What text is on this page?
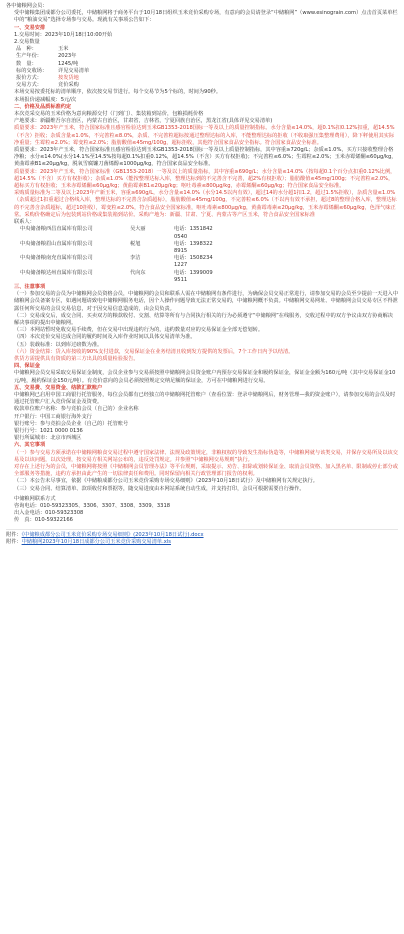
各中储粮网会员：

受中储粮集团成都分公司委托，中储粮网将于商务平台于10月18日组织玉米竞价采购专场，有意向的会员请登录“中储粮网”（www.esinograin.com）点击首页菜单栏中的“粮油交易”选择专场参与交易。现就有关事项公告如下：

一、交易安排

1.交易时间：2023年10月18日10:00开始

2.交易数量

品　种：	玉米
生产年份：	2023年
数　量：	1245/吨
标的交收场：	详见交易清单
报价方式：	按发货地
交易方式：	竞价采购

本场交易按委托标的清单顺序，依次按交易节进行。每个交易节为5个标的，时间为90秒。

本场报价递减幅度：5元/次

二、价格及品质标准约定

本次竞采交易的玉米价格为意向粮源交付（门到门）、集装箱到站价，包粮损耗价格

产地要求：新疆维吾尔自治区，内蒙古自治区，甘肃省，吉林省，宁夏回族自治区，黑龙江省(具体详见交易清单)

质量要求：2023年产玉米，符合国家标准且感官检验达到玉米GB1353-2018国标一等及以上的质量控制指标。水分含量≤14.0%，超0.1%扣0.12%扣重，超14.5%（不含）拒收；杂质含量≤1.0%，不完善粒≤8.0%，杂质、不完善粒超标按通过整理达标的入库，不能整理达标的拒收（不收取强压集整理费用），降下秤使用其实际净重量；生霉粒≤2.0%；霉变粒≤2.0%；脂肪酸值≤45mg/100g，超标拒收，其他符合国家食品安全指标。符合国家食品安全标准。

质量要求：2023年产玉米，符合国家标准且感官检验达到玉米GB1353-2018国标一等及以上质量控制指标，其中容重≥720g/L；杂质≤1.0%，买方只接收整理合格净粮；水分≤14.0%(水分14.1%至14.5%按每超0.1%扣重0.12%，超14.5%（不含）买方有权拒收)；不完善粒≤6.0%；生霉粒≤2.0%；玉米赤霉烯酮≤60μg/kg，黄曲霉素B1≤20μg/kg，脱氧雪腐镰刀菌烯醇≤1000μg/kg，符合国家食品安全标准。

质量要求：2023年产玉米，符合国家标准（GB1353-2018）一等及以上的质量指标，其中容重≥690g/L；水分含量≤14.0%（按每超0.1个百分点扣重0.12%比例，超14.5%（不含）买方有权拒收）；杂质≤1.0%（能按整理达标入库，整理达标到的不完善含不完善，超2%有权拒收）；脂肪酸值≤45mg/100g；不完善粒≤2.0%，超标买方有权拒收；玉米赤霉烯酮≤60μg/kg；黄曲霉素B1≤20μg/kg；呕吐毒素≤800μg/kg，赤霉烯酮≤60μg/kg；符合国家食品安全标准。

采购质量标准为二等及以上2023年产新玉米，容重≥690g/L，水分含量≤14.0%（水分14.5以内有效），超过14的水分超1扣1.2，超过1.5%拒收），杂质含量≤1.0%（杂质超过1扣重超过合格线入库，整理达标的不完善含杂质超标），脂肪酸值≤45mg/100g，不完善粒≤6.0%（不以内有效不承担，超过8的整理合格入库，整理达标的不完善含杂质超标，超过10拒收），霉变粒≤2.0%，符合食品安全国家标准，呕吐毒素≤800μg/kg，黄曲霉毒素≤20μg/kg，玉米赤霉烯酮≤60μg/kg，色泽气味正常。采购价格确定后为包装到站价格或集装箱到站价。采购产地为：新疆、甘肃、宁夏、内蒙古等产区玉米，符合食品安全国家标准

联系人：

中央储备粮西昌直属库有限公司	吴大丽	电话：13518420540
中央储备粮眉山直属库有限公司	税旭	电话：13983228915
中央储备粮南充直属库有限公司	李洁	电话：15082341227
中央储备粮达州直属库有限公司	代向东	电话：13990099511

三、注意事项

（一）参加交易的会员为中储粮网会员资格会员，中储粮网的会员和联系人需在中储粮网有条件进行，为确保会员交易正常进行，请参加交易的会员至少提前一天进入中储粮网会员备案专区，如遇问题请致电中储粮网服务电话，因个人操作问题导致无法正常交易的，中储粮网概不负责。中储粮网交易网址、中储粮网会员交易专区不得泄露任何所交易的会员交易信息，对于因交易信息造成的，由会员负责。

（二）交易成交后，成交合同、买卖双方的粮款收付、交割、结算等所有与合同执行相关的行为必须遵守“中储粮网”在线服务，交收过程中的双方争议由双方协商解决解决事项的提出中储粮网。

（三）本网站暂时免收交易手续费，但在交易中出现违约行为的，违约数量对应的交易保证金全部无偿划转。

（四）本次竞价交易达成合同的履约时间及入库作业时间以具体交易清单为准。

（五）装载标准：以到库过磅数为准。

（六）资金结算：货入库按收的90%支付进款，交易保证金在业务结清且收到发方提供的发票后，7个工作日内予以结清。

供货方需提供具有资质的第三方出具的质量检验报告。

四、保证金

中储粮网会员交易采取交易保证金制度，会员企业参与交易须按照中储粮网会员资金账户内预存交易保证金和履约保证金，保证金金额为160元/吨（其中交易保证金10元/吨，履约保证金150元/吨）。有竞价意向的会员必须按照规定交纳足额的保证金，方可在中储粮网进行交易。

五、交易费、交易资金、结款汇款账户

中储粮网已启用中国工商银行托管服务，每位会员都有已经独立的中储粮网托管账户（查看位置：登录中储粮网后，财务管理—我的资金账户），请参加交易的会员及时通过托管账户汇入竞价保证金及资费。

收款单位账户名称：参与竞拍会员（自己的）企业名称

开户银行：中国工商银行海外支行

银行账号：参与竞拍会员企业（自己的）托管账号

银行行号：1021 0000 0136

银行所属城市：北京市西城区

六、其它事项

（一）参与交易方须承诺在中储粮网粮食交易过程中遵守国家法律、法规及政策规定，非粮权权的导致发生指标伪造等，中储粮网就与该类交易，并保存交易所及以该交易及以该问题，以次处理，按交易方相关网站公布的，违反处罚规定。并参照“中储粮网交易规则”执行。

对存在上述行为的会员，中储粮网将按照《中储粮网会员管理办法》等平台规则，采取提示、劝告、扣除或划转保证金、取消会员资格、加入黑名单、限制或停止部分或全部服务等措施，违约方承担由此产生的一切法律责任和费用。同时保留向相关行政管理部门报告的权利。

（二）本公告未尽事宜，依据《中储粮成都分公司玉米竞价采购专场交易细则》（2023年10月18日试行）及中储粮网有关规定执行。

（三）交易合同、结算清单、款项收付和票据等，随交易进度由本网站系统自动生成，并支持打印，会员可根据需要自行操作。

中储粮网联系方式

咨询电话：010-59323305、3306、3307、3308、3309、3318

出入金电话：010-59323308

传　真：010-59322166

附件：《中储粮成都分公司玉米竞价采购专场交易细则》(2023年10月18日试行).docx

附件：中储粮网2023年10月18日成都分公司玉米竞价采购交易清单.xls
